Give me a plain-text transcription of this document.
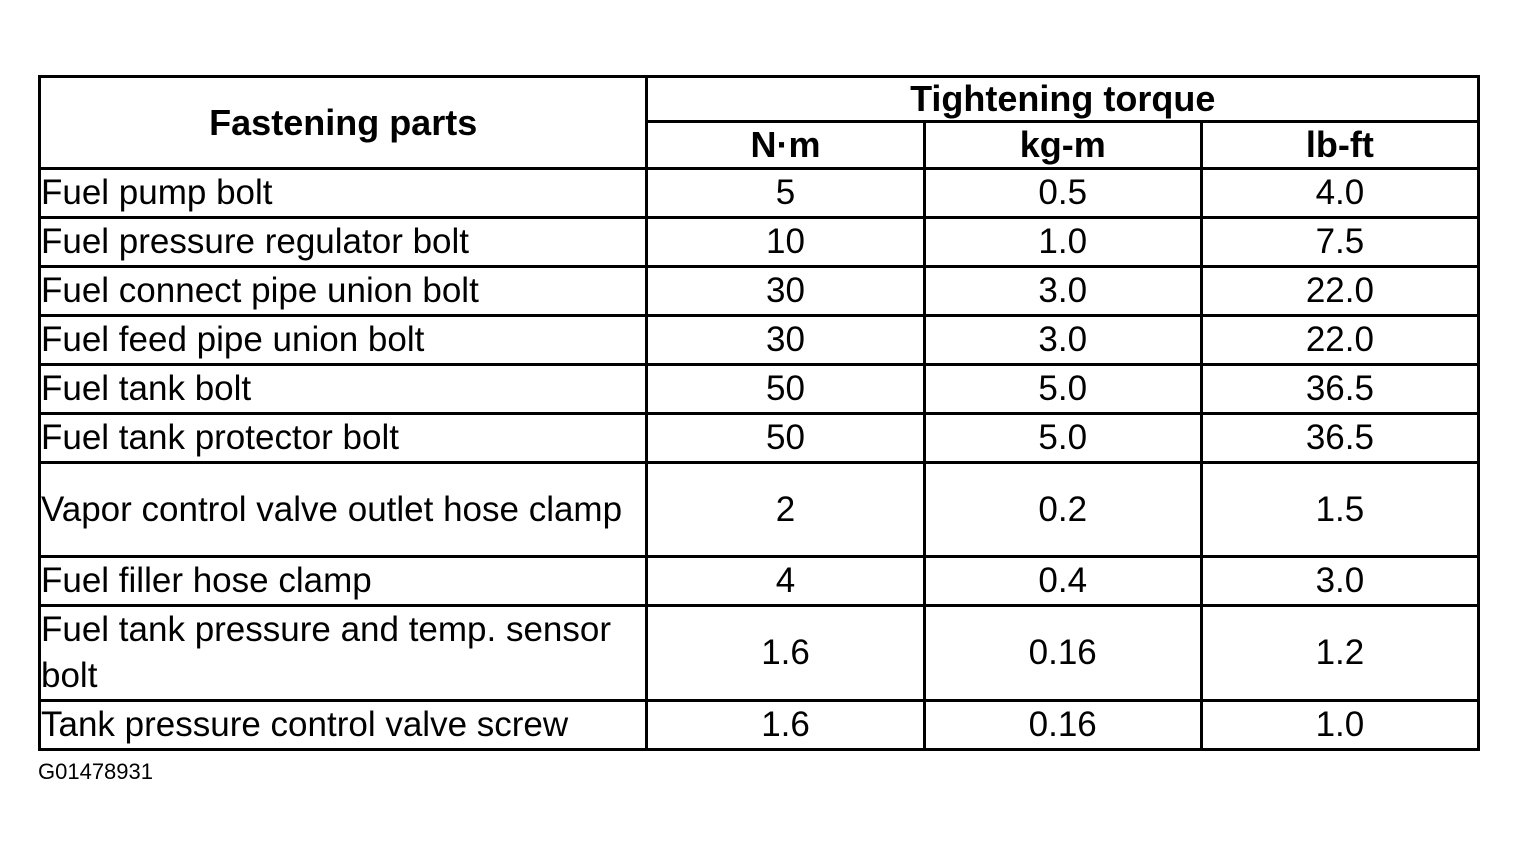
Fastening parts	Tightening torque		
	N·m	kg-m	lb-ft
Fuel pump bolt	5	0.5	4.0
Fuel pressure regulator bolt	10	1.0	7.5
Fuel connect pipe union bolt	30	3.0	22.0
Fuel feed pipe union bolt	30	3.0	22.0
Fuel tank bolt	50	5.0	36.5
Fuel tank protector bolt	50	5.0	36.5
Vapor control valve outlet hose clamp	2	0.2	1.5
Fuel filler hose clamp	4	0.4	3.0
Fuel tank pressure and temp. sensor bolt	1.6	0.16	1.2
Tank pressure control valve screw	1.6	0.16	1.0
G01478931
